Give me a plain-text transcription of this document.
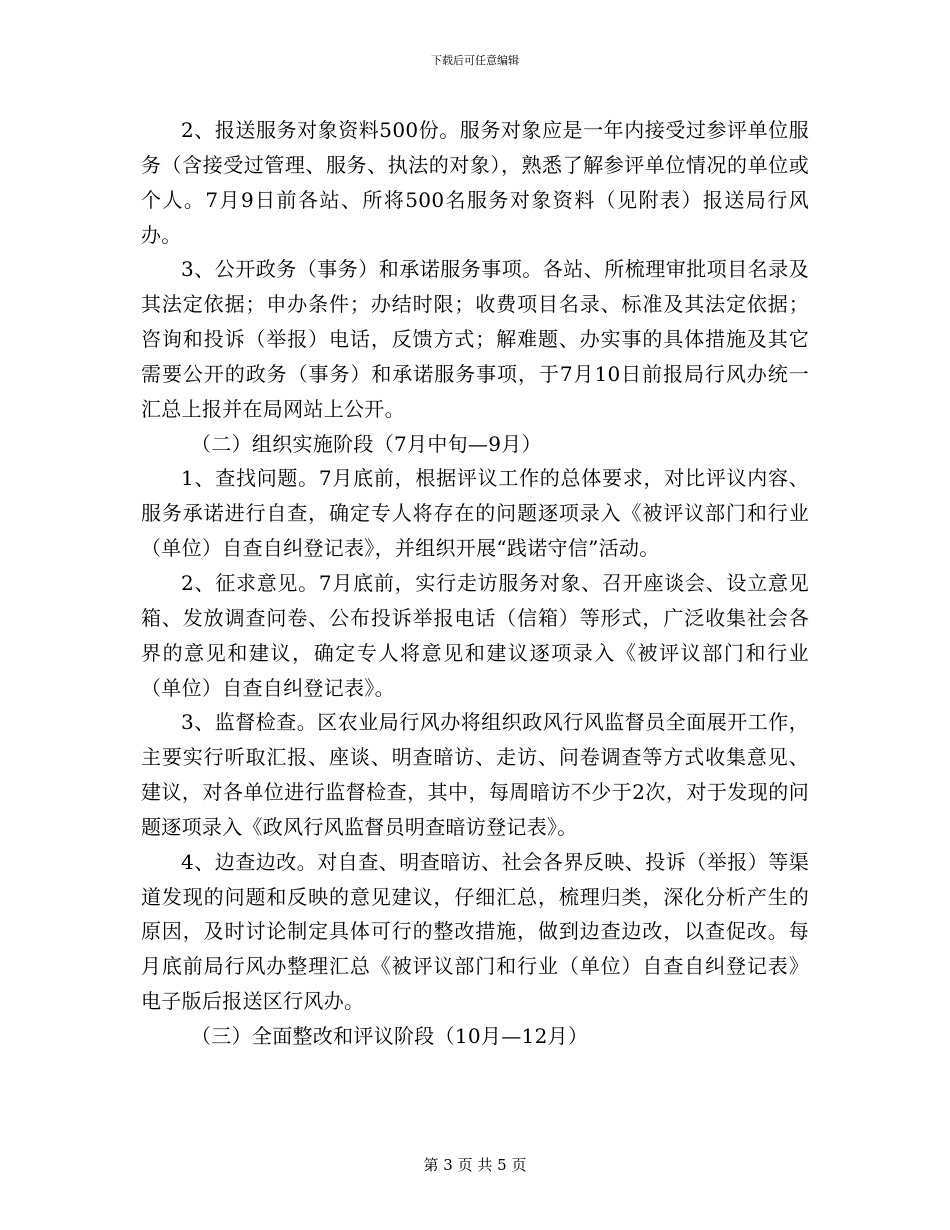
下载后可任意编辑

2、报送服务对象资料500份。服务对象应是一年内接受过参评单位服务（含接受过管理、服务、执法的对象），熟悉了解参评单位情况的单位或个人。7月9日前各站、所将500名服务对象资料（见附表）报送局行风办。

3、公开政务（事务）和承诺服务事项。各站、所梳理审批项目名录及其法定依据；申办条件；办结时限；收费项目名录、标准及其法定依据；咨询和投诉（举报）电话，反馈方式；解难题、办实事的具体措施及其它需要公开的政务（事务）和承诺服务事项，于7月10日前报局行风办统一汇总上报并在局网站上公开。

（二）组织实施阶段（7月中旬—9月）

1、查找问题。7月底前，根据评议工作的总体要求，对比评议内容、服务承诺进行自查，确定专人将存在的问题逐项录入《被评议部门和行业（单位）自查自纠登记表》，并组织开展“践诺守信”活动。

2、征求意见。7月底前，实行走访服务对象、召开座谈会、设立意见箱、发放调查问卷、公布投诉举报电话（信箱）等形式，广泛收集社会各界的意见和建议，确定专人将意见和建议逐项录入《被评议部门和行业（单位）自查自纠登记表》。

3、监督检查。区农业局行风办将组织政风行风监督员全面展开工作，主要实行听取汇报、座谈、明查暗访、走访、问卷调查等方式收集意见、建议，对各单位进行监督检查，其中，每周暗访不少于2次，对于发现的问题逐项录入《政风行风监督员明查暗访登记表》。

4、边查边改。对自查、明查暗访、社会各界反映、投诉（举报）等渠道发现的问题和反映的意见建议，仔细汇总，梳理归类，深化分析产生的原因，及时讨论制定具体可行的整改措施，做到边查边改，以查促改。每月底前局行风办整理汇总《被评议部门和行业（单位）自查自纠登记表》电子版后报送区行风办。

（三）全面整改和评议阶段（10月—12月）

第 3 页 共 5 页
